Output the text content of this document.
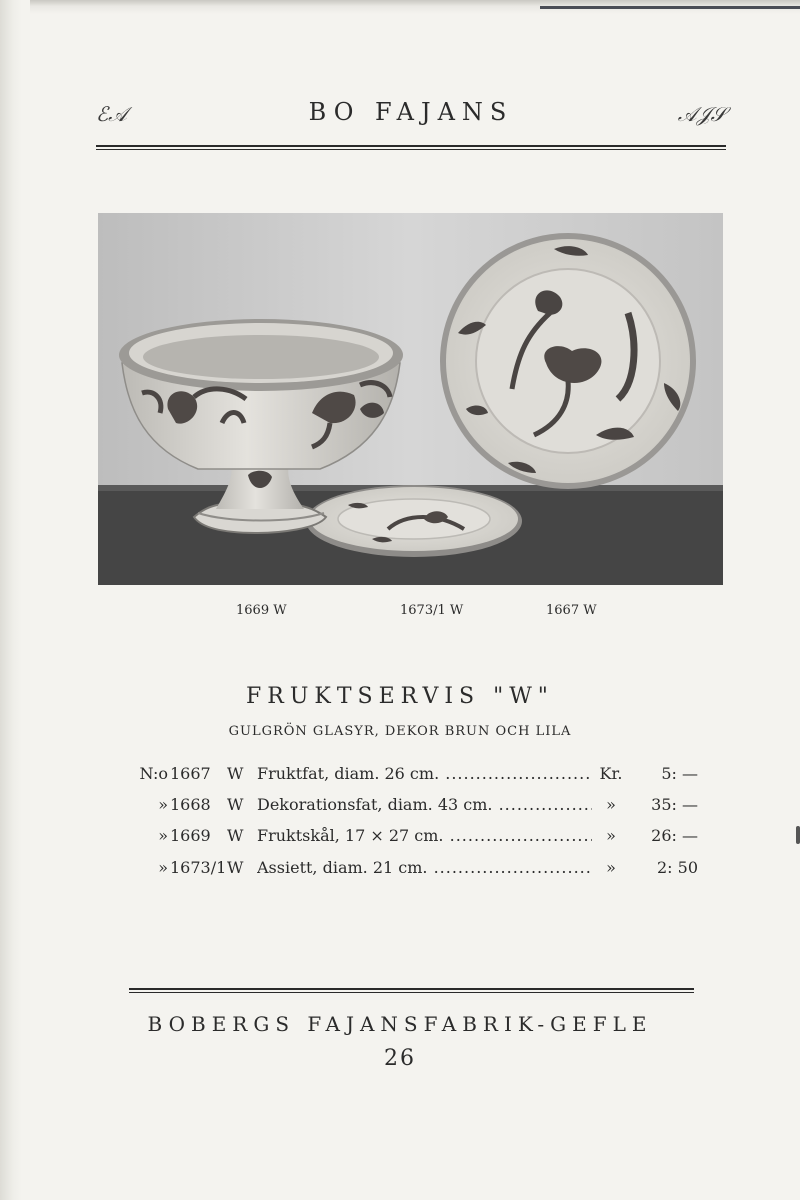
ℰ𝒜	BO FAJANS	𝒜𝒥𝒮
1669 W	1673/1 W	1667 W
FRUKTSERVIS "W"
GULGRÖN GLASYR, DEKOR BRUN OCH LILA
N:o 1667 W Fruktfat, diam. 26 cm. .....	Kr.	5: —
» 1668 W Dekorationsfat, diam. 43 cm. .....	»	35: —
» 1669 W Fruktskål, 17 × 27 cm. .....	»	26: —
» 1673/1 W Assiett, diam. 21 cm. .....	»	2: 50
BOBERGS FAJANSFABRIK-GEFLE
26
